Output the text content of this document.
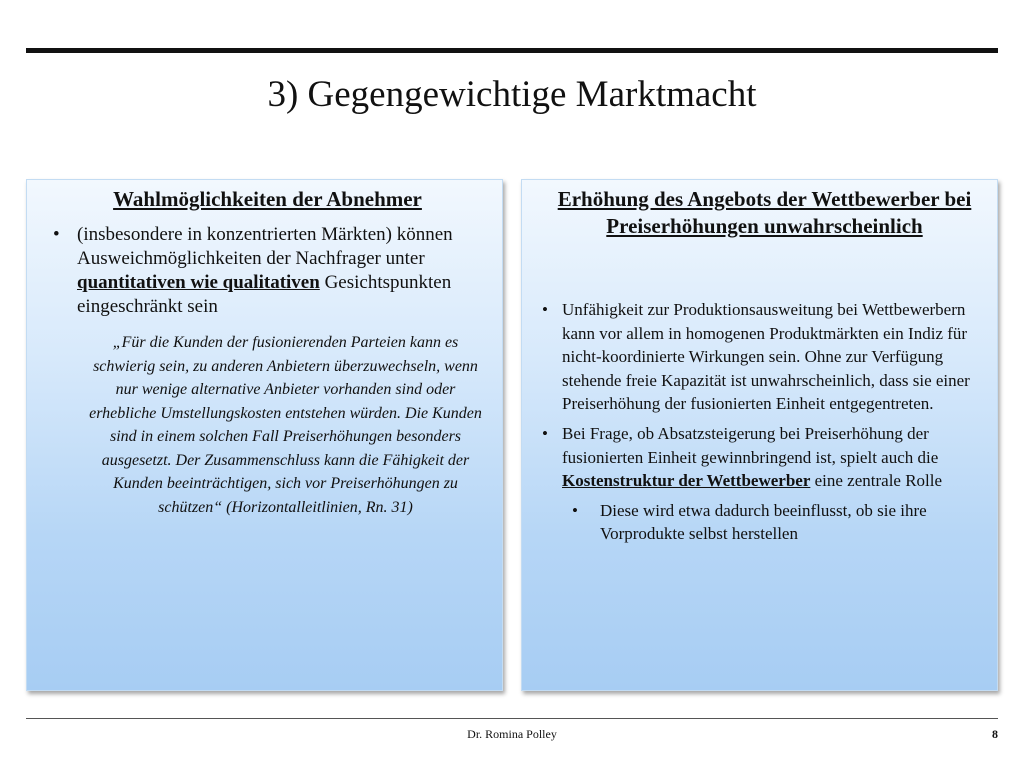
3) Gegengewichtige Marktmacht
Wahlmöglichkeiten der Abnehmer
• (insbesondere in konzentrierten Märkten) können Ausweichmöglichkeiten der Nachfrager unter quantitativen wie qualitativen Gesichtspunkten eingeschränkt sein
„Für die Kunden der fusionierenden Parteien kann es schwierig sein, zu anderen Anbietern überzuwechseln, wenn nur wenige alternative Anbieter vorhanden sind oder erhebliche Umstellungskosten entstehen würden. Die Kunden sind in einem solchen Fall Preiserhöhungen besonders ausgesetzt. Der Zusammenschluss kann die Fähigkeit der Kunden beeinträchtigen, sich vor Preiserhöhungen zu schützen“ (Horizontalleitlinien, Rn. 31)
Erhöhung des Angebots der Wettbewerber bei Preiserhöhungen unwahrscheinlich
• Unfähigkeit zur Produktionsausweitung bei Wettbewerbern kann vor allem in homogenen Produktmärkten ein Indiz für nicht-koordinierte Wirkungen sein. Ohne zur Verfügung stehende freie Kapazität ist unwahrscheinlich, dass sie einer Preiserhöhung der fusionierten Einheit entgegentreten.
• Bei Frage, ob Absatzsteigerung bei Preiserhöhung der fusionierten Einheit gewinnbringend ist, spielt auch die Kostenstruktur der Wettbewerber eine zentrale Rolle
• Diese wird etwa dadurch beeinflusst, ob sie ihre Vorprodukte selbst herstellen
Dr. Romina Polley	8
